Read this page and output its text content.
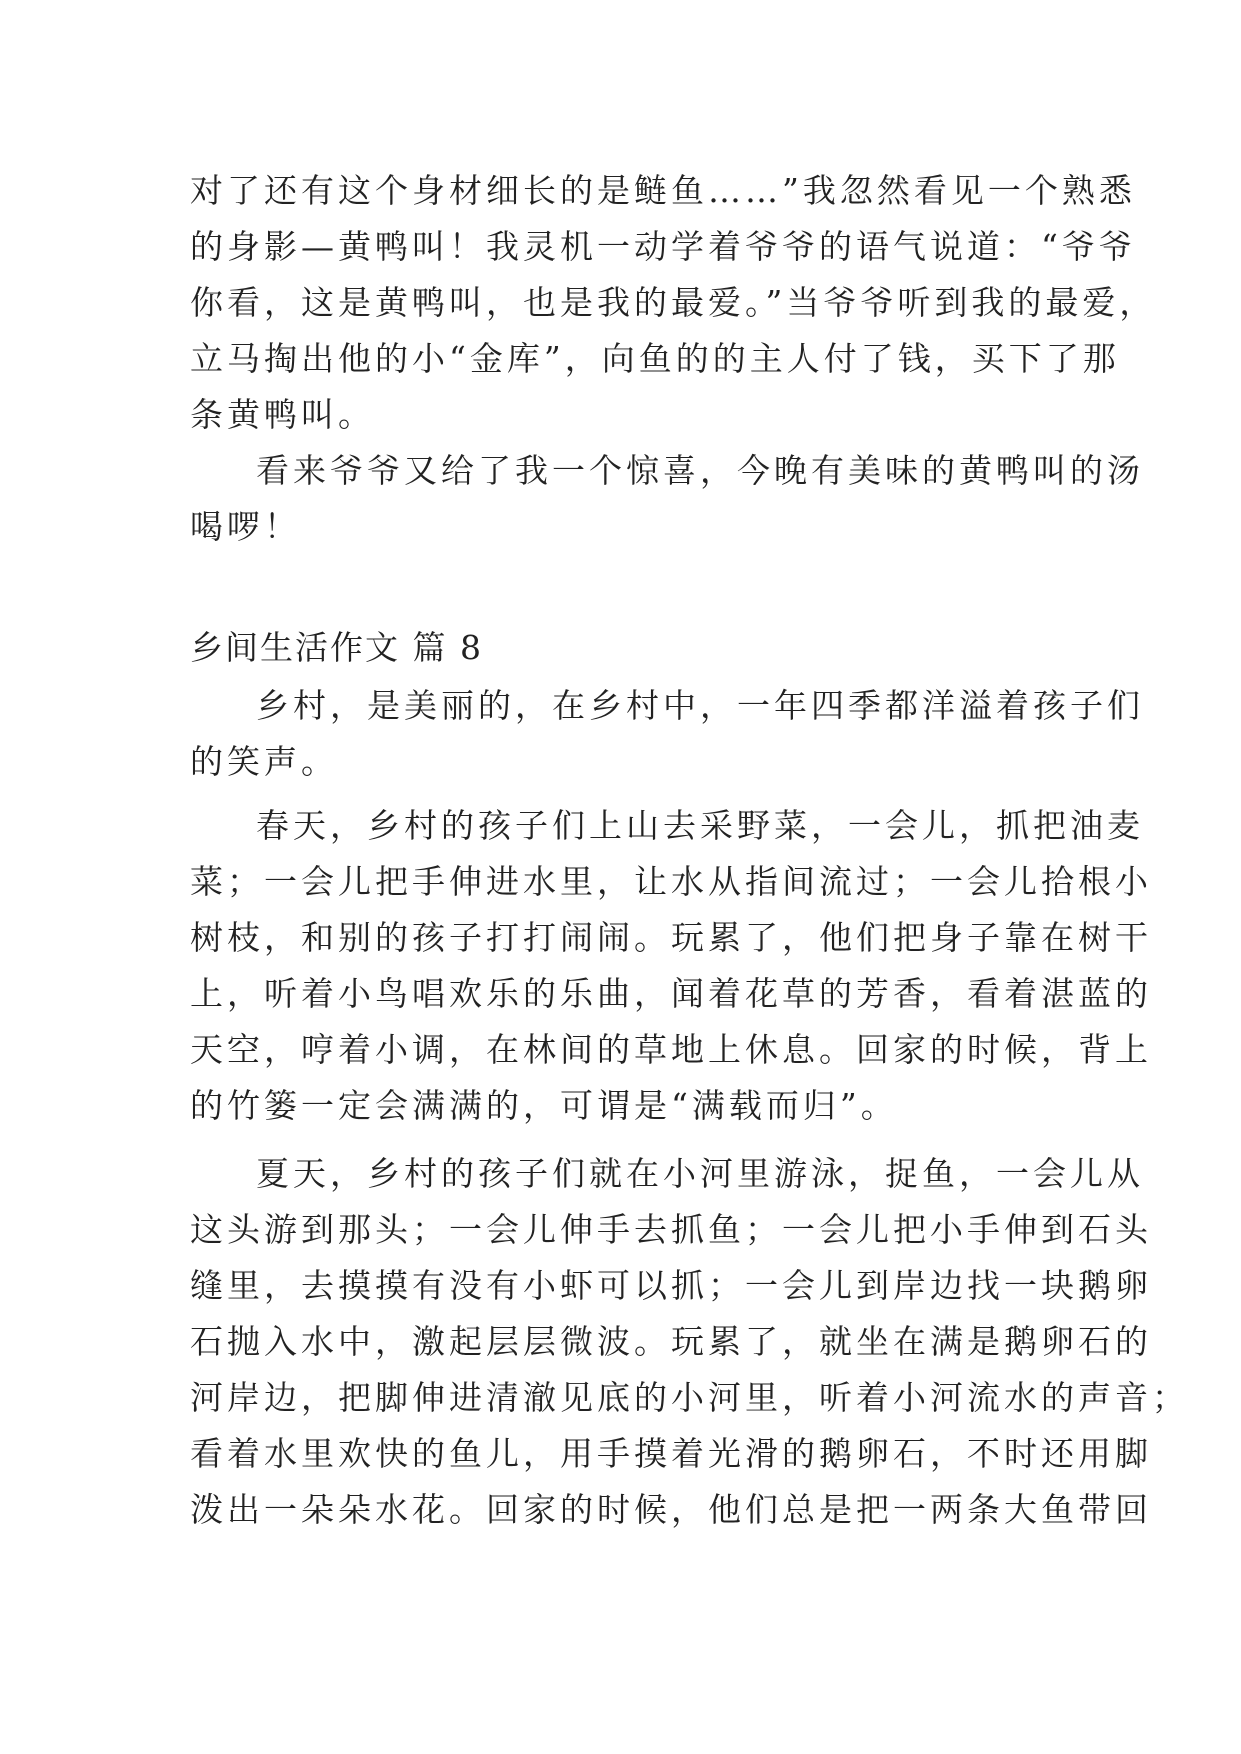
对了还有这个身材细长的是鲢鱼……”我忽然看见一个熟悉
的身影—黄鸭叫！我灵机一动学着爷爷的语气说道：“爷爷
你看，这是黄鸭叫，也是我的最爱。”当爷爷听到我的最爱，
立马掏出他的小“金库”，向鱼的的主人付了钱，买下了那
条黄鸭叫。
看来爷爷又给了我一个惊喜，今晚有美味的黄鸭叫的汤
喝啰！
乡间生活作文 篇 8
乡村，是美丽的，在乡村中，一年四季都洋溢着孩子们
的笑声。
春天，乡村的孩子们上山去采野菜，一会儿，抓把油麦
菜；一会儿把手伸进水里，让水从指间流过；一会儿拾根小
树枝，和别的孩子打打闹闹。玩累了，他们把身子靠在树干
上，听着小鸟唱欢乐的乐曲，闻着花草的芳香，看着湛蓝的
天空，哼着小调，在林间的草地上休息。回家的时候，背上
的竹篓一定会满满的，可谓是“满载而归”。
夏天，乡村的孩子们就在小河里游泳，捉鱼，一会儿从
这头游到那头；一会儿伸手去抓鱼；一会儿把小手伸到石头
缝里，去摸摸有没有小虾可以抓；一会儿到岸边找一块鹅卵
石抛入水中，激起层层微波。玩累了，就坐在满是鹅卵石的
河岸边，把脚伸进清澈见底的小河里，听着小河流水的声音；
看着水里欢快的鱼儿，用手摸着光滑的鹅卵石，不时还用脚
泼出一朵朵水花。回家的时候，他们总是把一两条大鱼带回
